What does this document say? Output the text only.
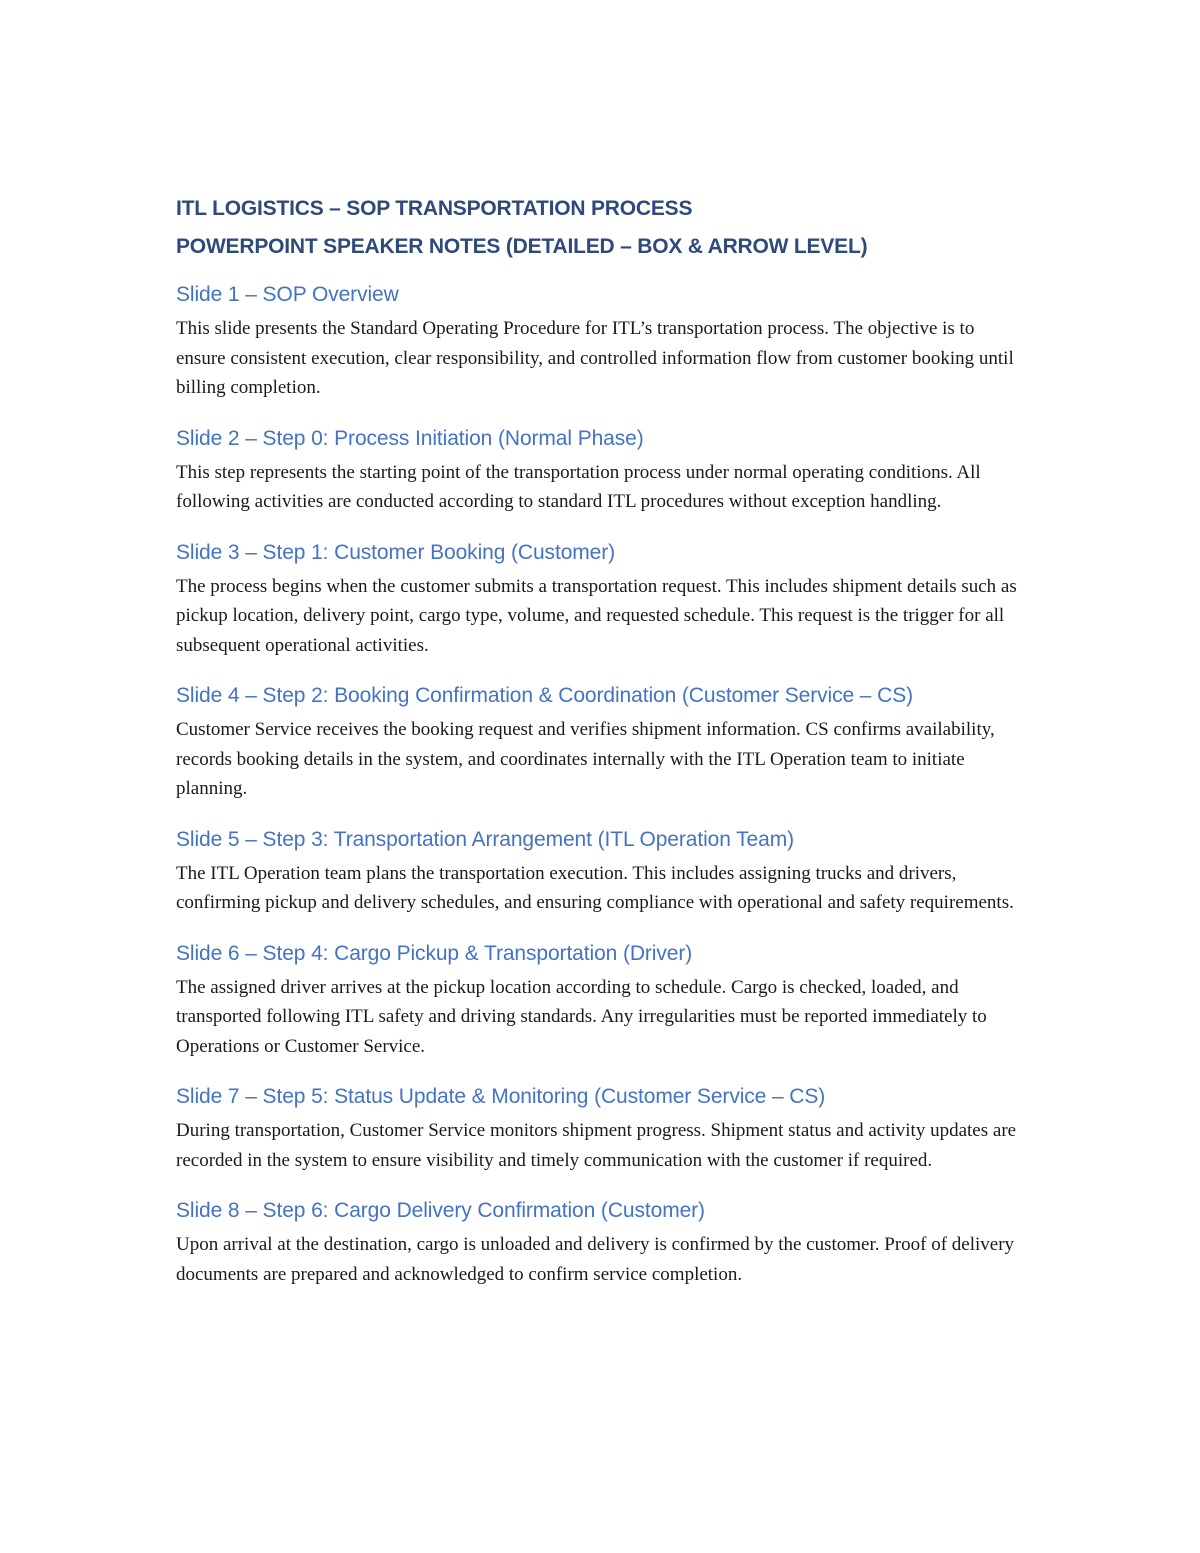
ITL LOGISTICS – SOP TRANSPORTATION PROCESS
POWERPOINT SPEAKER NOTES (DETAILED – BOX & ARROW LEVEL)
Slide 1 – SOP Overview

This slide presents the Standard Operating Procedure for ITL’s transportation process. The objective is to ensure consistent execution, clear responsibility, and controlled information flow from customer booking until billing completion.

Slide 2 – Step 0: Process Initiation (Normal Phase)

This step represents the starting point of the transportation process under normal operating conditions. All following activities are conducted according to standard ITL procedures without exception handling.

Slide 3 – Step 1: Customer Booking (Customer)

The process begins when the customer submits a transportation request. This includes shipment details such as pickup location, delivery point, cargo type, volume, and requested schedule. This request is the trigger for all subsequent operational activities.

Slide 4 – Step 2: Booking Confirmation & Coordination (Customer Service – CS)

Customer Service receives the booking request and verifies shipment information. CS confirms availability, records booking details in the system, and coordinates internally with the ITL Operation team to initiate planning.

Slide 5 – Step 3: Transportation Arrangement (ITL Operation Team)

The ITL Operation team plans the transportation execution. This includes assigning trucks and drivers, confirming pickup and delivery schedules, and ensuring compliance with operational and safety requirements.

Slide 6 – Step 4: Cargo Pickup & Transportation (Driver)

The assigned driver arrives at the pickup location according to schedule. Cargo is checked, loaded, and transported following ITL safety and driving standards. Any irregularities must be reported immediately to Operations or Customer Service.

Slide 7 – Step 5: Status Update & Monitoring (Customer Service – CS)

During transportation, Customer Service monitors shipment progress. Shipment status and activity updates are recorded in the system to ensure visibility and timely communication with the customer if required.

Slide 8 – Step 6: Cargo Delivery Confirmation (Customer)

Upon arrival at the destination, cargo is unloaded and delivery is confirmed by the customer. Proof of delivery documents are prepared and acknowledged to confirm service completion.
